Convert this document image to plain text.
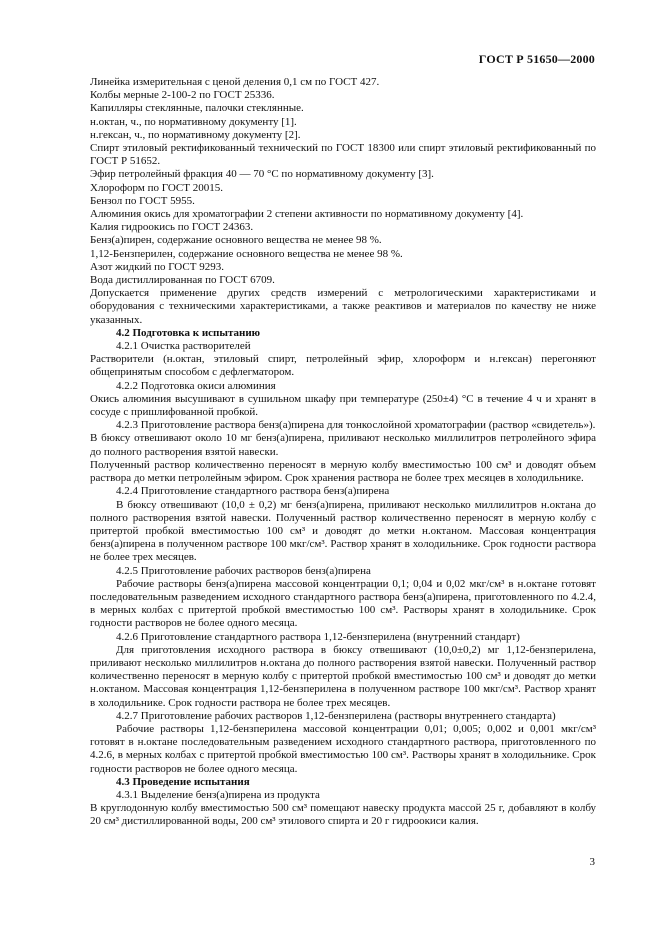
ГОСТ Р 51650—2000

Линейка измерительная с ценой деления 0,1 см по ГОСТ 427.

Колбы мерные 2-100-2 по ГОСТ 25336.

Капилляры стеклянные, палочки стеклянные.

н.октан, ч., по нормативному документу [1].

н.гексан, ч., по нормативному документу [2].

Спирт этиловый ректификованный технический по ГОСТ 18300 или спирт этиловый ректификованный по ГОСТ Р 51652.

Эфир петролейный фракция 40 — 70 °С по нормативному документу [3].

Хлороформ по ГОСТ 20015.

Бензол по ГОСТ 5955.

Алюминия окись для хроматографии 2 степени активности по нормативному документу [4].

Калия гидроокись по ГОСТ 24363.

Бенз(а)пирен, содержание основного вещества не менее 98 %.

1,12-Бензперилен, содержание основного вещества не менее 98 %.

Азот жидкий по ГОСТ 9293.

Вода дистиллированная по ГОСТ 6709.

Допускается применение других средств измерений с метрологическими характеристиками и оборудования с техническими характеристиками, а также реактивов и материалов по качеству не ниже указанных.

4.2 Подготовка к испытанию

4.2.1 Очистка растворителей

Растворители (н.октан, этиловый спирт, петролейный эфир, хлороформ и н.гексан) перегоняют общепринятым способом с дефлегматором.

4.2.2 Подготовка окиси алюминия

Окись алюминия высушивают в сушильном шкафу при температуре (250±4) °С в течение 4 ч и хранят в сосуде с пришлифованной пробкой.

4.2.3 Приготовление раствора бенз(а)пирена для тонкослойной хроматографии (раствор «свидетель»).

В бюксу отвешивают около 10 мг бенз(а)пирена, приливают несколько миллилитров петролейного эфира до полного растворения взятой навески.

Полученный раствор количественно переносят в мерную колбу вместимостью 100 см³ и доводят объем раствора до метки петролейным эфиром. Срок хранения раствора не более трех месяцев в холодильнике.

4.2.4 Приготовление стандартного раствора бенз(а)пирена

В бюксу отвешивают (10,0 ± 0,2) мг бенз(а)пирена, приливают несколько миллилитров н.октана до полного растворения взятой навески. Полученный раствор количественно переносят в мерную колбу с притертой пробкой вместимостью 100 см³ и доводят до метки н.октаном. Массовая концентрация бенз(а)пирена в полученном растворе 100 мкг/см³. Раствор хранят в холодильнике. Срок годности раствора не более трех месяцев.

4.2.5 Приготовление рабочих растворов бенз(а)пирена

Рабочие растворы бенз(а)пирена массовой концентрации 0,1; 0,04 и 0,02 мкг/см³ в н.октане готовят последовательным разведением исходного стандартного раствора бенз(а)пирена, приготовленного по 4.2.4, в мерных колбах с притертой пробкой вместимостью 100 см³. Растворы хранят в холодильнике. Срок годности растворов не более одного месяца.

4.2.6 Приготовление стандартного раствора 1,12-бензперилена (внутренний стандарт)

Для приготовления исходного раствора в бюксу отвешивают (10,0±0,2) мг 1,12-бензперилена, приливают несколько миллилитров н.октана до полного растворения взятой навески. Полученный раствор количественно переносят в мерную колбу с притертой пробкой вместимостью 100 см³ и доводят до метки н.октаном. Массовая концентрация 1,12-бензперилена в полученном растворе 100 мкг/см³. Раствор хранят в холодильнике. Срок годности раствора не более трех месяцев.

4.2.7 Приготовление рабочих растворов 1,12-бензперилена (растворы внутреннего стандарта)

Рабочие растворы 1,12-бензперилена массовой концентрации 0,01; 0,005; 0,002 и 0,001 мкг/см³ готовят в н.октане последовательным разведением исходного стандартного раствора, приготовленного по 4.2.6, в мерных колбах с притертой пробкой вместимостью 100 см³. Растворы хранят в холодильнике. Срок годности растворов не более одного месяца.

4.3 Проведение испытания

4.3.1 Выделение бенз(а)пирена из продукта

В круглодонную колбу вместимостью 500 см³ помещают навеску продукта массой 25 г, добавляют в колбу 20 см³ дистиллированной воды, 200 см³ этилового спирта и 20 г гидроокиси калия.

3
